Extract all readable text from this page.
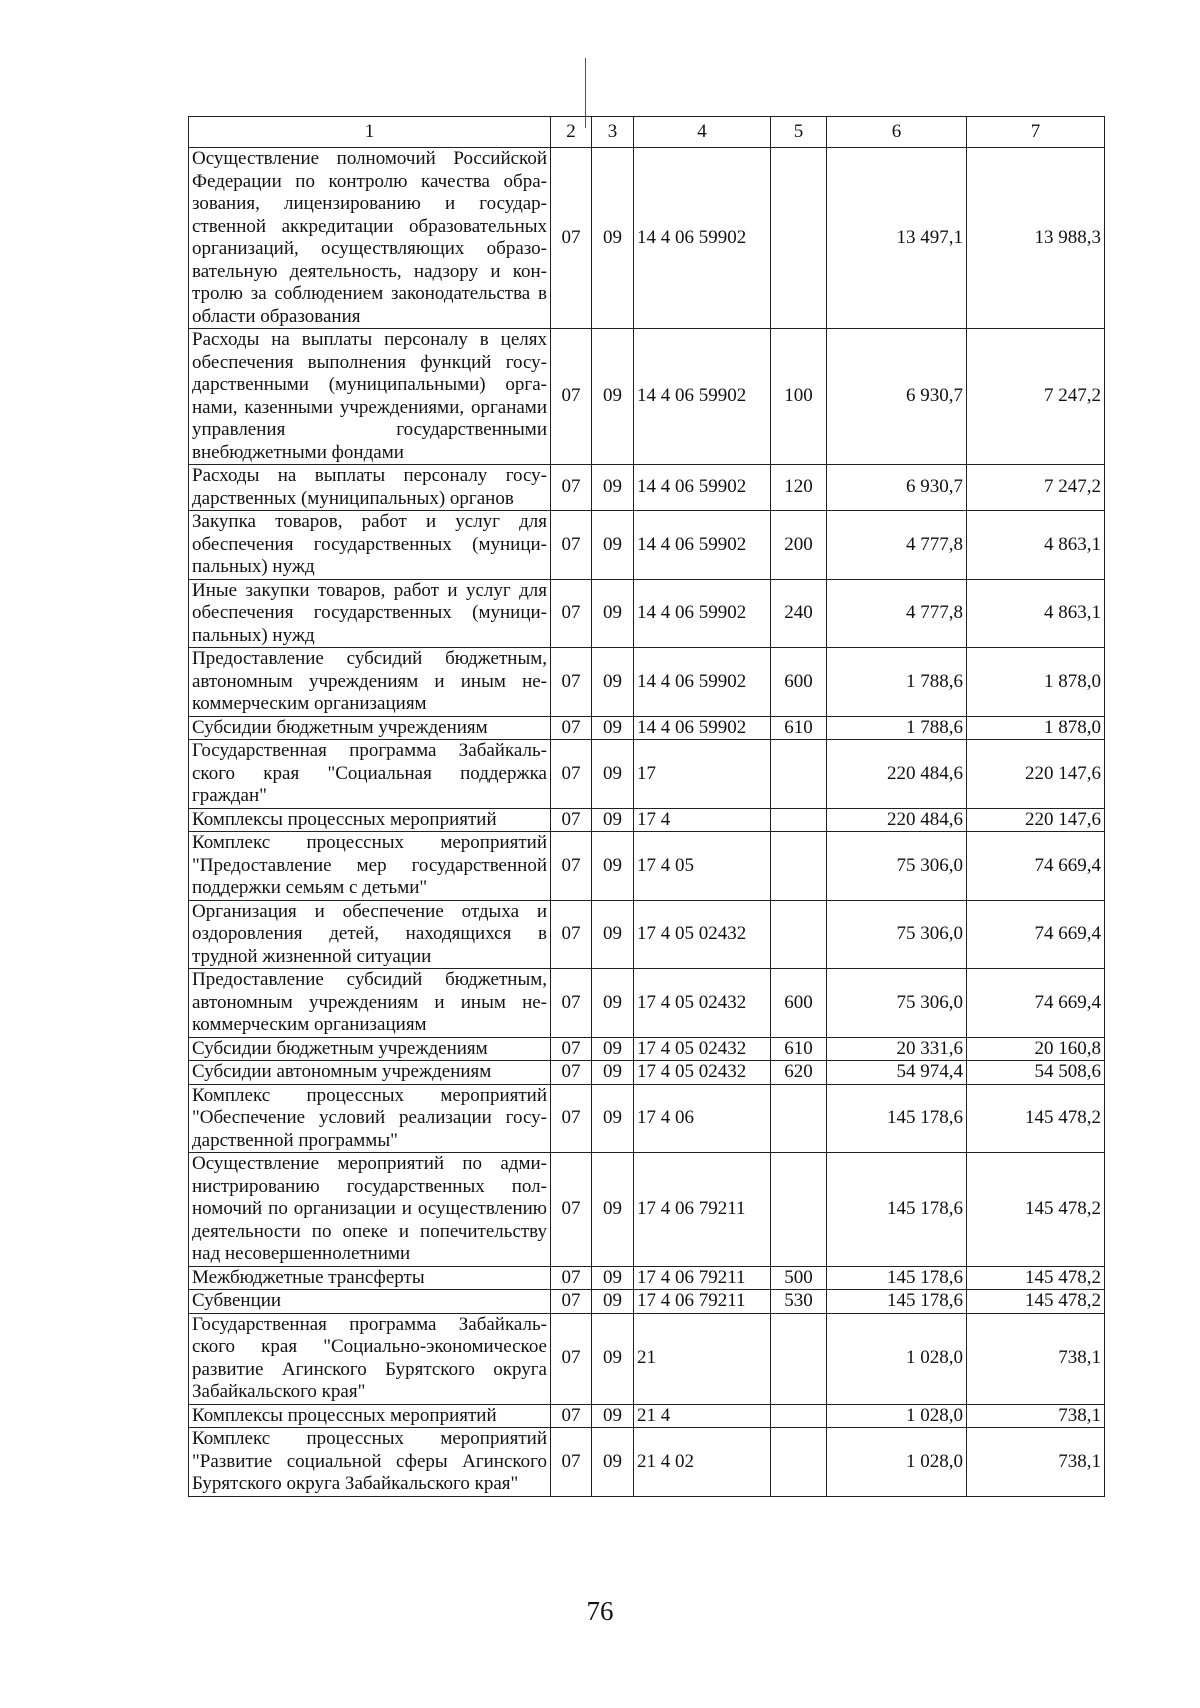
1	2	3	4	5	6	7
Осуществление полномочий Российской Федерации по контролю качества образования, лицензированию и государственной аккредитации образовательных организаций, осуществляющих образовательную деятельность, надзору и контролю за соблюдением законодательства в области образования	07	09	14 4 06 59902		13 497,1	13 988,3
Расходы на выплаты персоналу в целях обеспечения выполнения функций государственными (муниципальными) органами, казенными учреждениями, органами управления государственными внебюджетными фондами	07	09	14 4 06 59902	100	6 930,7	7 247,2
Расходы на выплаты персоналу государственных (муниципальных) органов	07	09	14 4 06 59902	120	6 930,7	7 247,2
Закупка товаров, работ и услуг для обеспечения государственных (муниципальных) нужд	07	09	14 4 06 59902	200	4 777,8	4 863,1
Иные закупки товаров, работ и услуг для обеспечения государственных (муниципальных) нужд	07	09	14 4 06 59902	240	4 777,8	4 863,1
Предоставление субсидий бюджетным, автономным учреждениям и иным некоммерческим организациям	07	09	14 4 06 59902	600	1 788,6	1 878,0
Субсидии бюджетным учреждениям	07	09	14 4 06 59902	610	1 788,6	1 878,0
Государственная программа Забайкальского края "Социальная поддержка граждан"	07	09	17		220 484,6	220 147,6
Комплексы процессных мероприятий	07	09	17 4		220 484,6	220 147,6
Комплекс процессных мероприятий "Предоставление мер государственной поддержки семьям с детьми"	07	09	17 4 05		75 306,0	74 669,4
Организация и обеспечение отдыха и оздоровления детей, находящихся в трудной жизненной ситуации	07	09	17 4 05 02432		75 306,0	74 669,4
Предоставление субсидий бюджетным, автономным учреждениям и иным некоммерческим организациям	07	09	17 4 05 02432	600	75 306,0	74 669,4
Субсидии бюджетным учреждениям	07	09	17 4 05 02432	610	20 331,6	20 160,8
Субсидии автономным учреждениям	07	09	17 4 05 02432	620	54 974,4	54 508,6
Комплекс процессных мероприятий "Обеспечение условий реализации государственной программы"	07	09	17 4 06		145 178,6	145 478,2
Осуществление мероприятий по администрированию государственных полномочий по организации и осуществлению деятельности по опеке и попечительству над несовершеннолетними	07	09	17 4 06 79211		145 178,6	145 478,2
Межбюджетные трансферты	07	09	17 4 06 79211	500	145 178,6	145 478,2
Субвенции	07	09	17 4 06 79211	530	145 178,6	145 478,2
Государственная программа Забайкальского края "Социально-экономическое развитие Агинского Бурятского округа Забайкальского края"	07	09	21		1 028,0	738,1
Комплексы процессных мероприятий	07	09	21 4		1 028,0	738,1
Комплекс процессных мероприятий "Развитие социальной сферы Агинского Бурятского округа Забайкальского края"	07	09	21 4 02		1 028,0	738,1
76
